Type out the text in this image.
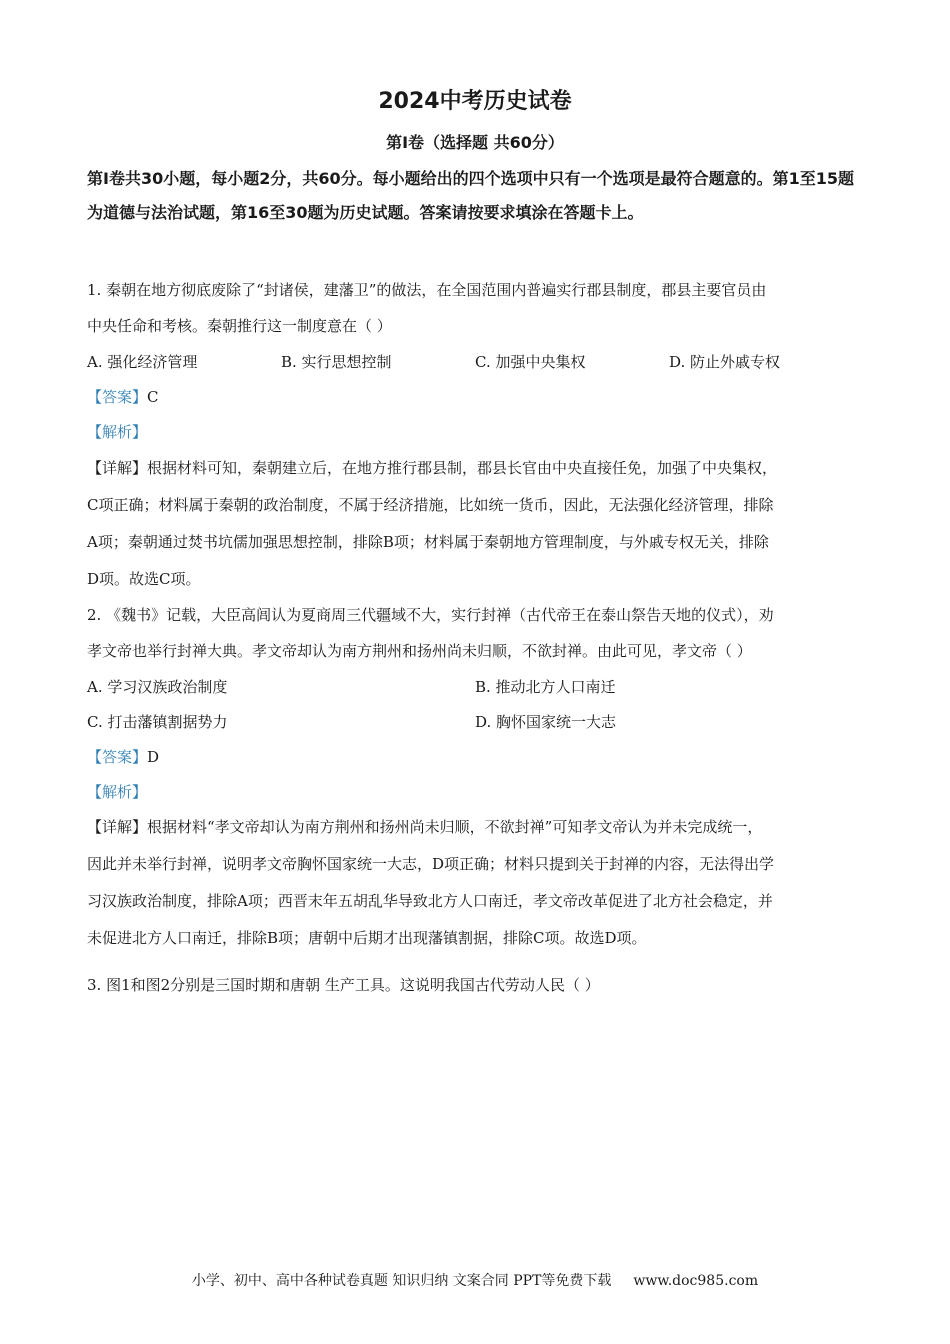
2024中考历史试卷
第Ⅰ卷（选择题 共60分）
第Ⅰ卷共30小题，每小题2分，共60分。每小题给出的四个选项中只有一个选项是最符合题意的。第1至15题为道德与法治试题，第16至30题为历史试题。答案请按要求填涂在答题卡上。
1. 秦朝在地方彻底废除了“封诸侯，建藩卫”的做法，在全国范围内普遍实行郡县制度，郡县主要官员由
中央任命和考核。秦朝推行这一制度意在（ ）
A. 强化经济管理	B. 实行思想控制	C. 加强中央集权	D. 防止外戚专权
【答案】C
【解析】
【详解】根据材料可知，秦朝建立后，在地方推行郡县制，郡县长官由中央直接任免，加强了中央集权，
C项正确；材料属于秦朝的政治制度，不属于经济措施，比如统一货币，因此，无法强化经济管理，排除
A项；秦朝通过焚书坑儒加强思想控制，排除B项；材料属于秦朝地方管理制度，与外戚专权无关，排除
D项。故选C项。
2. 《魏书》记载，大臣高闾认为夏商周三代疆域不大，实行封禅（古代帝王在泰山祭告天地的仪式），劝
孝文帝也举行封禅大典。孝文帝却认为南方荆州和扬州尚未归顺，不欲封禅。由此可见，孝文帝（ ）
A. 学习汉族政治制度	B. 推动北方人口南迁
C. 打击藩镇割据势力	D. 胸怀国家统一大志
【答案】D
【解析】
【详解】根据材料“孝文帝却认为南方荆州和扬州尚未归顺，不欲封禅”可知孝文帝认为并未完成统一，
因此并未举行封禅，说明孝文帝胸怀国家统一大志，D项正确；材料只提到关于封禅的内容，无法得出学
习汉族政治制度，排除A项；西晋末年五胡乱华导致北方人口南迁，孝文帝改革促进了北方社会稳定，并
未促进北方人口南迁，排除B项；唐朝中后期才出现藩镇割据，排除C项。故选D项。
3. 图1和图2分别是三国时期和唐朝 生产工具。这说明我国古代劳动人民（ ）
小学、初中、高中各种试卷真题 知识归纳 文案合同 PPT等免费下载 www.doc985.com
